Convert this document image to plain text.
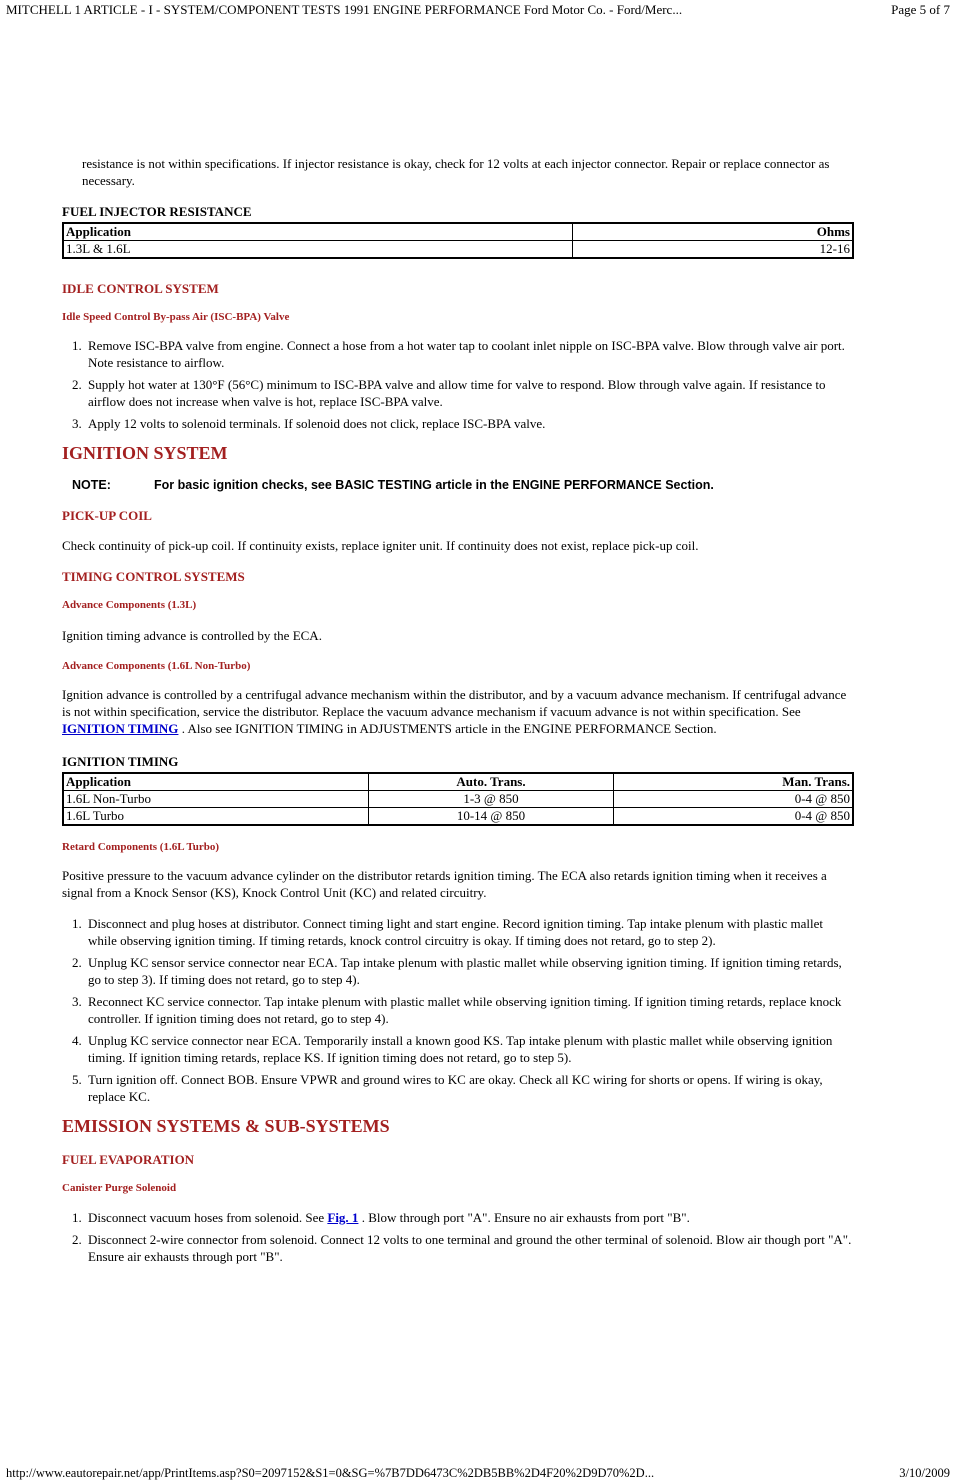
MITCHELL 1 ARTICLE - I - SYSTEM/COMPONENT TESTS 1991 ENGINE PERFORMANCE Ford Motor Co. - Ford/Merc...	Page 5 of 7

resistance is not within specifications. If injector resistance is okay, check for 12 volts at each injector connector. Repair or replace connector as necessary.

FUEL INJECTOR RESISTANCE
Application	Ohms
1.3L & 1.6L	12-16
IDLE CONTROL SYSTEM
Idle Speed Control By-pass Air (ISC-BPA) Valve
1. Remove ISC-BPA valve from engine. Connect a hose from a hot water tap to coolant inlet nipple on ISC-BPA valve. Blow through valve air port. Note resistance to airflow.
2. Supply hot water at 130°F (56°C) minimum to ISC-BPA valve and allow time for valve to respond. Blow through valve again. If resistance to airflow does not increase when valve is hot, replace ISC-BPA valve.
3. Apply 12 volts to solenoid terminals. If solenoid does not click, replace ISC-BPA valve.
IGNITION SYSTEM
NOTE:	For basic ignition checks, see BASIC TESTING article in the ENGINE PERFORMANCE Section.
PICK-UP COIL

Check continuity of pick-up coil. If continuity exists, replace igniter unit. If continuity does not exist, replace pick-up coil.

TIMING CONTROL SYSTEMS
Advance Components (1.3L)

Ignition timing advance is controlled by the ECA.

Advance Components (1.6L Non-Turbo)

Ignition advance is controlled by a centrifugal advance mechanism within the distributor, and by a vacuum advance mechanism. If centrifugal advance is not within specification, service the distributor. Replace the vacuum advance mechanism if vacuum advance is not within specification. See IGNITION TIMING . Also see IGNITION TIMING in ADJUSTMENTS article in the ENGINE PERFORMANCE Section.

IGNITION TIMING
Application	Auto. Trans.	Man. Trans.
1.6L Non-Turbo	1-3 @ 850	0-4 @ 850
1.6L Turbo	10-14 @ 850	0-4 @ 850
Retard Components (1.6L Turbo)

Positive pressure to the vacuum advance cylinder on the distributor retards ignition timing. The ECA also retards ignition timing when it receives a signal from a Knock Sensor (KS), Knock Control Unit (KC) and related circuitry.

1. Disconnect and plug hoses at distributor. Connect timing light and start engine. Record ignition timing. Tap intake plenum with plastic mallet while observing ignition timing. If timing retards, knock control circuitry is okay. If timing does not retard, go to step 2).
2. Unplug KC sensor service connector near ECA. Tap intake plenum with plastic mallet while observing ignition timing. If ignition timing retards, go to step 3). If timing does not retard, go to step 4).
3. Reconnect KC service connector. Tap intake plenum with plastic mallet while observing ignition timing. If ignition timing retards, replace knock controller. If ignition timing does not retard, go to step 4).
4. Unplug KC service connector near ECA. Temporarily install a known good KS. Tap intake plenum with plastic mallet while observing ignition timing. If ignition timing retards, replace KS. If ignition timing does not retard, go to step 5).
5. Turn ignition off. Connect BOB. Ensure VPWR and ground wires to KC are okay. Check all KC wiring for shorts or opens. If wiring is okay, replace KC.
EMISSION SYSTEMS & SUB-SYSTEMS
FUEL EVAPORATION
Canister Purge Solenoid
1. Disconnect vacuum hoses from solenoid. See Fig. 1 . Blow through port "A". Ensure no air exhausts from port "B".
2. Disconnect 2-wire connector from solenoid. Connect 12 volts to one terminal and ground the other terminal of solenoid. Blow air though port "A". Ensure air exhausts through port "B".
http://www.eautorepair.net/app/PrintItems.asp?S0=2097152&S1=0&SG=%7B7DD6473C%2DB5BB%2D4F20%2D9D70%2D...	3/10/2009
